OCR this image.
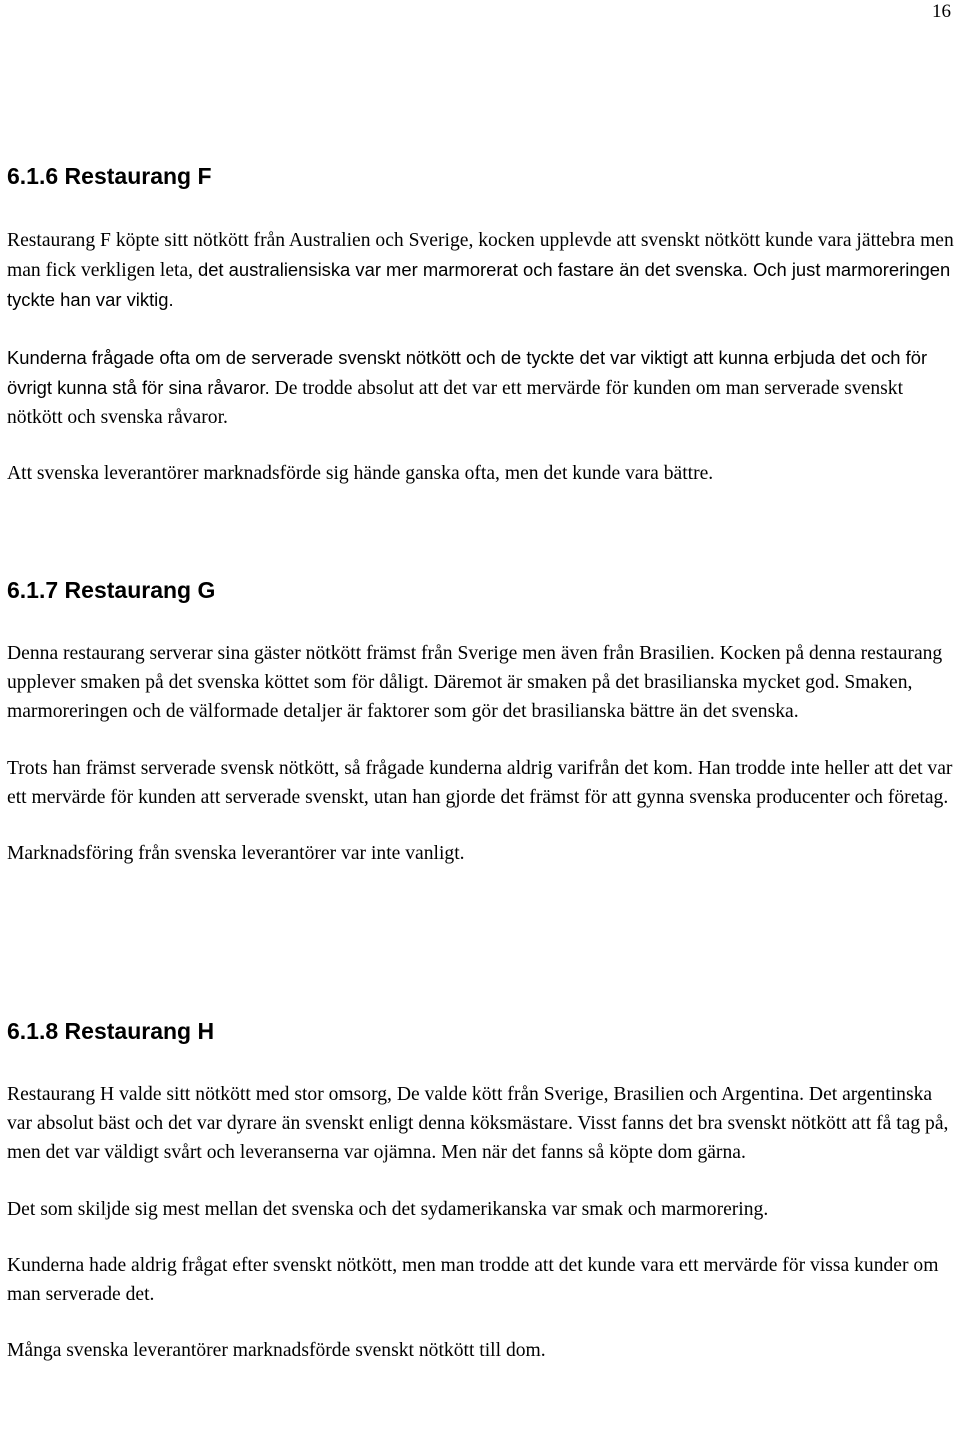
16
6.1.6 Restaurang F

Restaurang F köpte sitt nötkött från Australien och Sverige, kocken upplevde att svenskt nötkött kunde vara jättebra men man fick verkligen leta, det australiensiska var mer marmorerat och fastare än det svenska. Och just marmoreringen tyckte han var viktig.

Kunderna frågade ofta om de serverade svenskt nötkött och de tyckte det var viktigt att kunna erbjuda det och för övrigt kunna stå för sina råvaror. De trodde absolut att det var ett mervärde för kunden om man serverade svenskt nötkött och svenska råvaror.

Att svenska leverantörer marknadsförde sig hände ganska ofta, men det kunde vara bättre.

6.1.7 Restaurang G

Denna restaurang serverar sina gäster nötkött främst från Sverige men även från Brasilien. Kocken på denna restaurang upplever smaken på det svenska köttet som för dåligt. Däremot är smaken på det brasilianska mycket god. Smaken, marmoreringen och de välformade detaljer är faktorer som gör det brasilianska bättre än det svenska.

Trots han främst serverade svensk nötkött, så frågade kunderna aldrig varifrån det kom. Han trodde inte heller att det var ett mervärde för kunden att serverade svenskt, utan han gjorde det främst för att gynna svenska producenter och företag.

Marknadsföring från svenska leverantörer var inte vanligt.

6.1.8 Restaurang H

Restaurang H valde sitt nötkött med stor omsorg, De valde kött från Sverige, Brasilien och Argentina. Det argentinska var absolut bäst och det var dyrare än svenskt enligt denna köksmästare. Visst fanns det bra svenskt nötkött att få tag på, men det var väldigt svårt och leveranserna var ojämna. Men när det fanns så köpte dom gärna.

Det som skiljde sig mest mellan det svenska och det sydamerikanska var smak och marmorering.

Kunderna hade aldrig frågat efter svenskt nötkött, men man trodde att det kunde vara ett mervärde för vissa kunder om man serverade det.

Många svenska leverantörer marknadsförde svenskt nötkött till dom.
